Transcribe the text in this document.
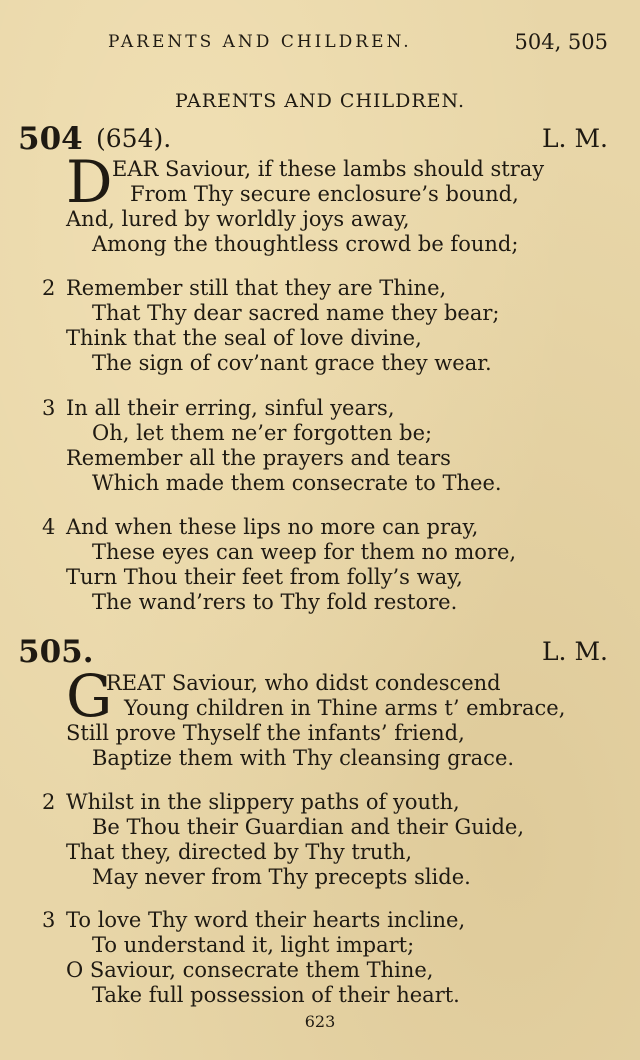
PARENTS AND CHILDREN.	504, 505
PARENTS AND CHILDREN.
504 (654).	L. M.
D EAR Saviour, if these lambs should stray
From Thy secure enclosure’s bound,
And, lured by worldly joys away,
Among the thoughtless crowd be found;
2 Remember still that they are Thine,
That Thy dear sacred name they bear;
Think that the seal of love divine,
The sign of cov’nant grace they wear.
3 In all their erring, sinful years,
Oh, let them ne’er forgotten be;
Remember all the prayers and tears
Which made them consecrate to Thee.
4 And when these lips no more can pray,
These eyes can weep for them no more,
Turn Thou their feet from folly’s way,
The wand’rers to Thy fold restore.
505.	L. M.
G
REAT Saviour, who didst condescend
Young children in Thine arms t’ embrace,
Still prove Thyself the infants’ friend,
Baptize them with Thy cleansing grace.
2 Whilst in the slippery paths of youth,
Be Thou their Guardian and their Guide,
That they, directed by Thy truth,
May never from Thy precepts slide.
3 To love Thy word their hearts incline,
To understand it, light impart;
O Saviour, consecrate them Thine,
Take full possession of their heart.
623
